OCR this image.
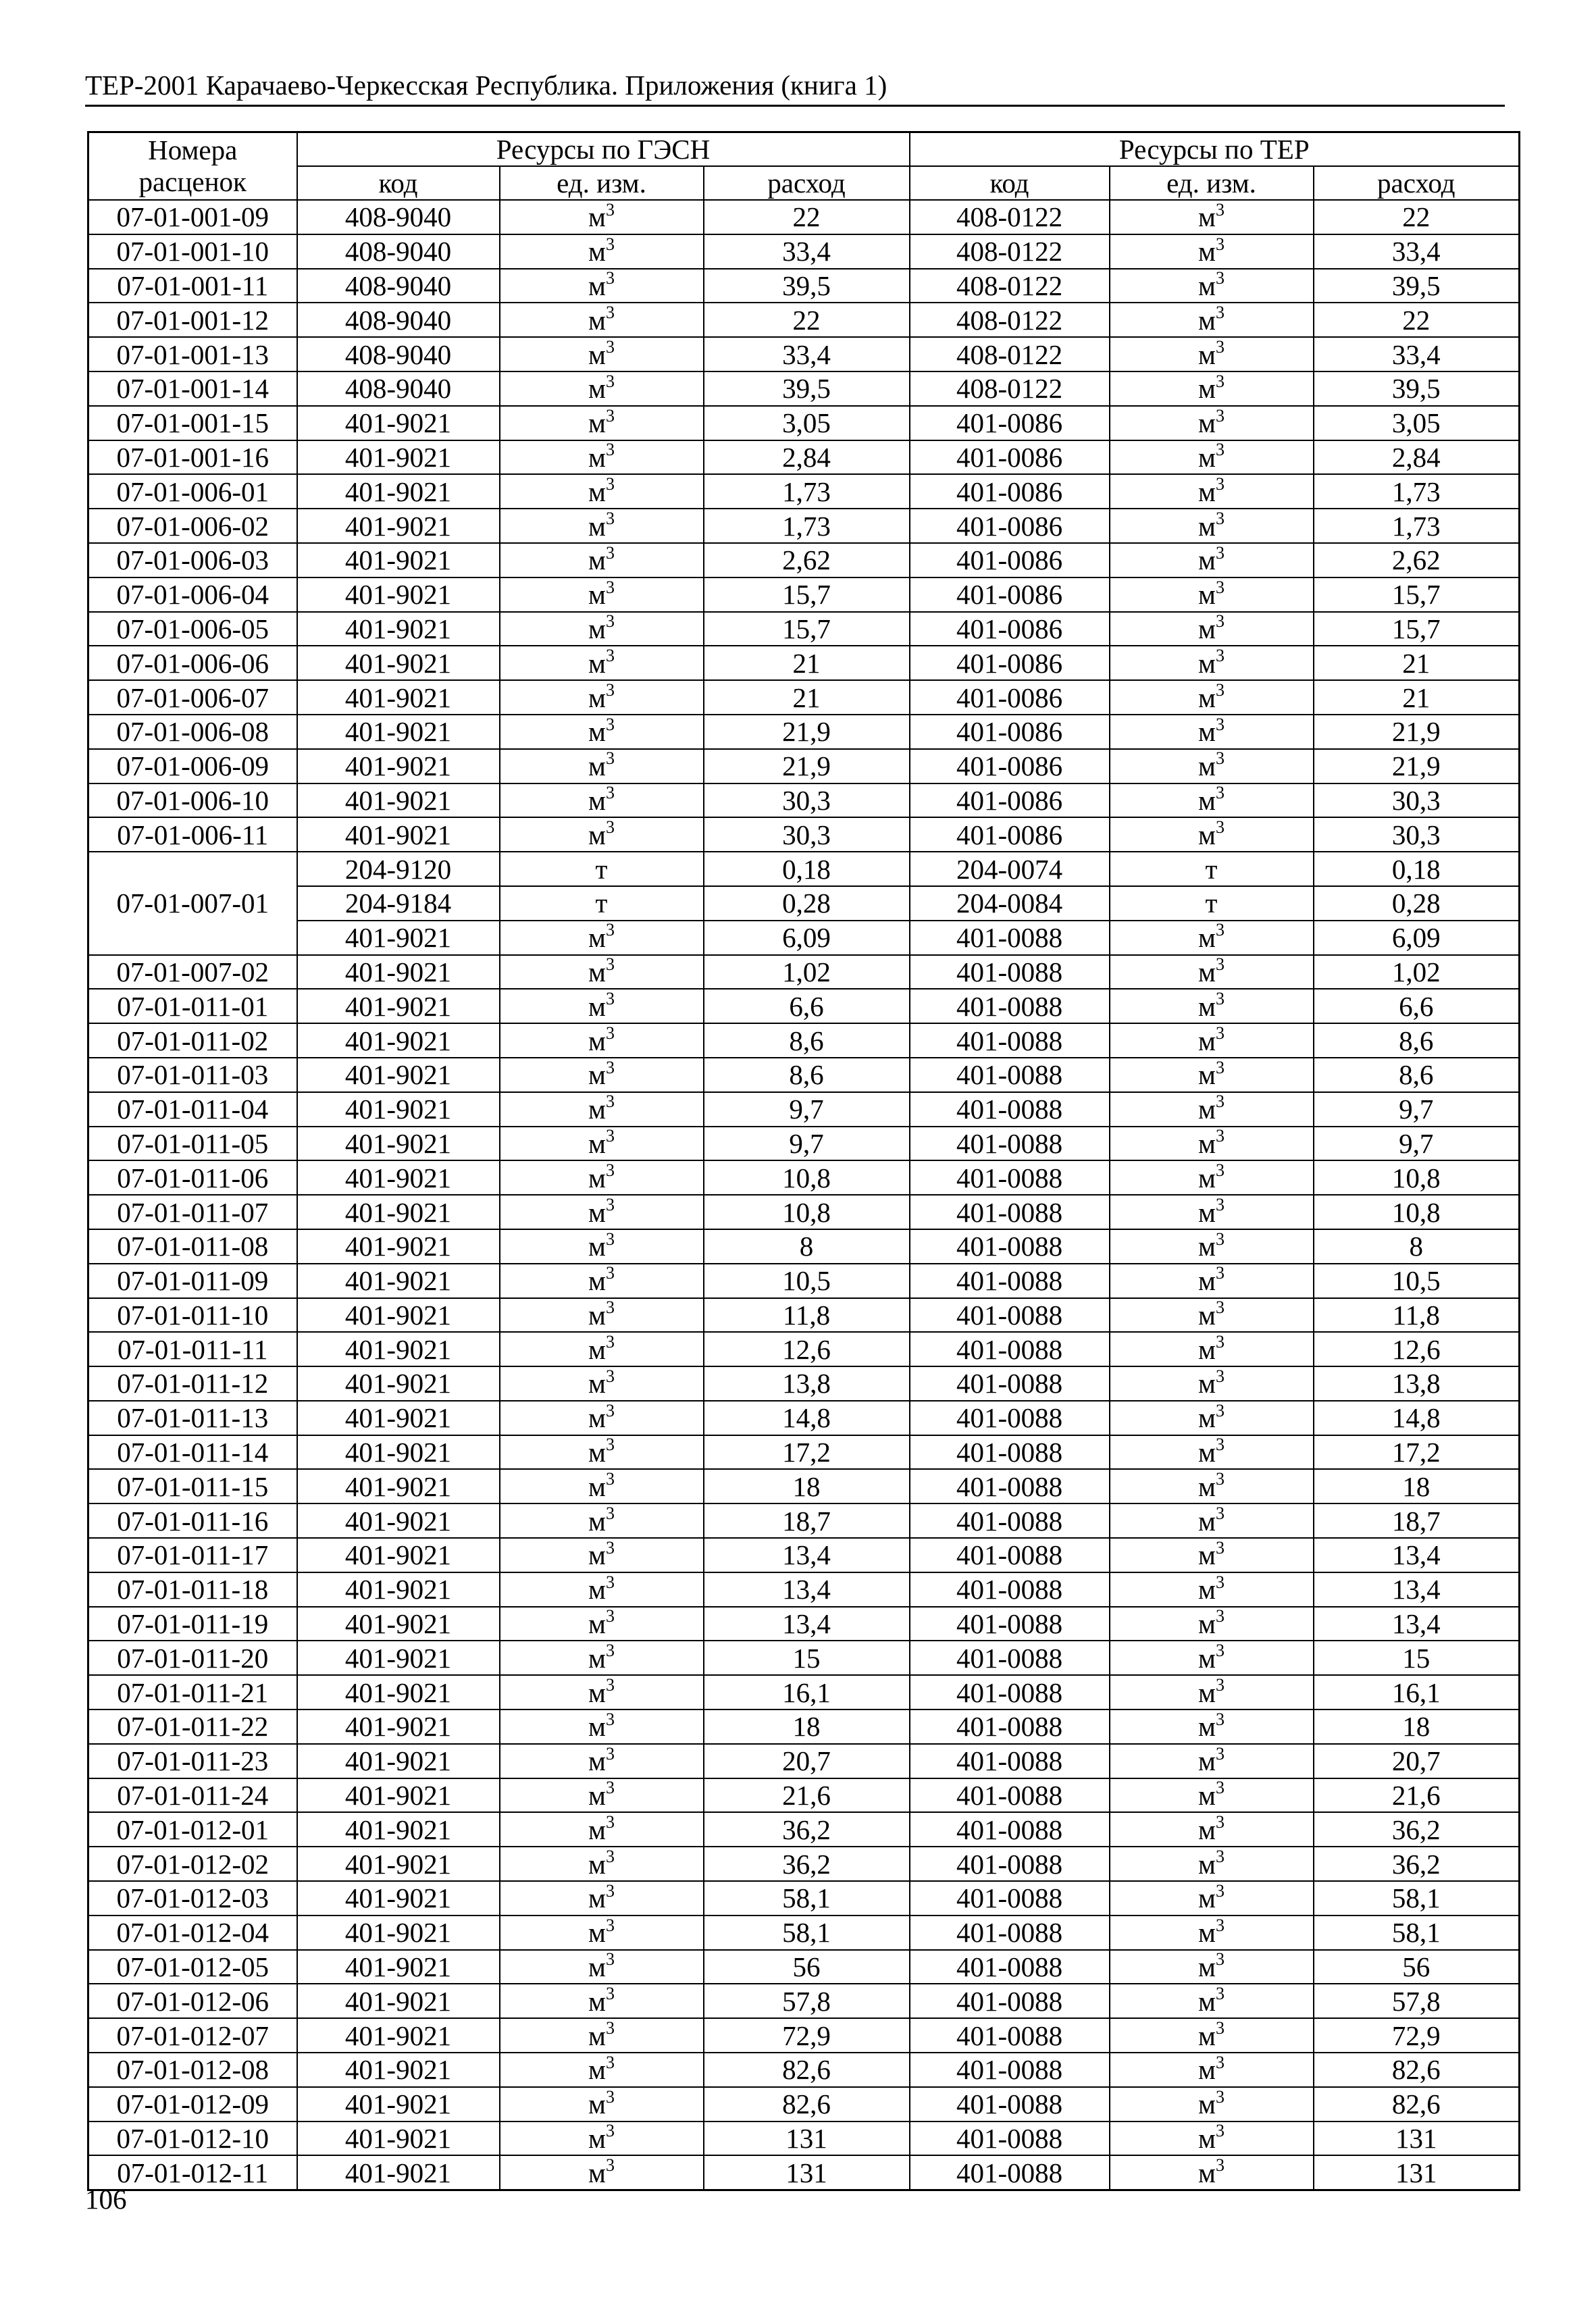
ТЕР-2001 Карачаево-Черкесская Республика. Приложения (книга 1)
Номера
расценок	Ресурсы по ГЭСН			Ресурсы по ТЕР		
	код	ед. изм.	расход	код	ед. изм.	расход
07-01-001-09	408-9040	$м^3$	22	408-0122	$м^3$	22
07-01-001-10	408-9040	$м^3$	33,4	408-0122	$м^3$	33,4
07-01-001-11	408-9040	$м^3$	39,5	408-0122	$м^3$	39,5
07-01-001-12	408-9040	$м^3$	22	408-0122	$м^3$	22
07-01-001-13	408-9040	$м^3$	33,4	408-0122	$м^3$	33,4
07-01-001-14	408-9040	$м^3$	39,5	408-0122	$м^3$	39,5
07-01-001-15	401-9021	$м^3$	3,05	401-0086	$м^3$	3,05
07-01-001-16	401-9021	$м^3$	2,84	401-0086	$м^3$	2,84
07-01-006-01	401-9021	$м^3$	1,73	401-0086	$м^3$	1,73
07-01-006-02	401-9021	$м^3$	1,73	401-0086	$м^3$	1,73
07-01-006-03	401-9021	$м^3$	2,62	401-0086	$м^3$	2,62
07-01-006-04	401-9021	$м^3$	15,7	401-0086	$м^3$	15,7
07-01-006-05	401-9021	$м^3$	15,7	401-0086	$м^3$	15,7
07-01-006-06	401-9021	$м^3$	21	401-0086	$м^3$	21
07-01-006-07	401-9021	$м^3$	21	401-0086	$м^3$	21
07-01-006-08	401-9021	$м^3$	21,9	401-0086	$м^3$	21,9
07-01-006-09	401-9021	$м^3$	21,9	401-0086	$м^3$	21,9
07-01-006-10	401-9021	$м^3$	30,3	401-0086	$м^3$	30,3
07-01-006-11	401-9021	$м^3$	30,3	401-0086	$м^3$	30,3
07-01-007-01	204-9120	т	0,18	204-0074	т	0,18
	204-9184	т	0,28	204-0084	т	0,28
	401-9021	$м^3$	6,09	401-0088	$м^3$	6,09
07-01-007-02	401-9021	$м^3$	1,02	401-0088	$м^3$	1,02
07-01-011-01	401-9021	$м^3$	6,6	401-0088	$м^3$	6,6
07-01-011-02	401-9021	$м^3$	8,6	401-0088	$м^3$	8,6
07-01-011-03	401-9021	$м^3$	8,6	401-0088	$м^3$	8,6
07-01-011-04	401-9021	$м^3$	9,7	401-0088	$м^3$	9,7
07-01-011-05	401-9021	$м^3$	9,7	401-0088	$м^3$	9,7
07-01-011-06	401-9021	$м^3$	10,8	401-0088	$м^3$	10,8
07-01-011-07	401-9021	$м^3$	10,8	401-0088	$м^3$	10,8
07-01-011-08	401-9021	$м^3$	8	401-0088	$м^3$	8
07-01-011-09	401-9021	$м^3$	10,5	401-0088	$м^3$	10,5
07-01-011-10	401-9021	$м^3$	11,8	401-0088	$м^3$	11,8
07-01-011-11	401-9021	$м^3$	12,6	401-0088	$м^3$	12,6
07-01-011-12	401-9021	$м^3$	13,8	401-0088	$м^3$	13,8
07-01-011-13	401-9021	$м^3$	14,8	401-0088	$м^3$	14,8
07-01-011-14	401-9021	$м^3$	17,2	401-0088	$м^3$	17,2
07-01-011-15	401-9021	$м^3$	18	401-0088	$м^3$	18
07-01-011-16	401-9021	$м^3$	18,7	401-0088	$м^3$	18,7
07-01-011-17	401-9021	$м^3$	13,4	401-0088	$м^3$	13,4
07-01-011-18	401-9021	$м^3$	13,4	401-0088	$м^3$	13,4
07-01-011-19	401-9021	$м^3$	13,4	401-0088	$м^3$	13,4
07-01-011-20	401-9021	$м^3$	15	401-0088	$м^3$	15
07-01-011-21	401-9021	$м^3$	16,1	401-0088	$м^3$	16,1
07-01-011-22	401-9021	$м^3$	18	401-0088	$м^3$	18
07-01-011-23	401-9021	$м^3$	20,7	401-0088	$м^3$	20,7
07-01-011-24	401-9021	$м^3$	21,6	401-0088	$м^3$	21,6
07-01-012-01	401-9021	$м^3$	36,2	401-0088	$м^3$	36,2
07-01-012-02	401-9021	$м^3$	36,2	401-0088	$м^3$	36,2
07-01-012-03	401-9021	$м^3$	58,1	401-0088	$м^3$	58,1
07-01-012-04	401-9021	$м^3$	58,1	401-0088	$м^3$	58,1
07-01-012-05	401-9021	$м^3$	56	401-0088	$м^3$	56
07-01-012-06	401-9021	$м^3$	57,8	401-0088	$м^3$	57,8
07-01-012-07	401-9021	$м^3$	72,9	401-0088	$м^3$	72,9
07-01-012-08	401-9021	$м^3$	82,6	401-0088	$м^3$	82,6
07-01-012-09	401-9021	$м^3$	82,6	401-0088	$м^3$	82,6
07-01-012-10	401-9021	$м^3$	131	401-0088	$м^3$	131
07-01-012-11	401-9021	$м^3$	131	401-0088	$м^3$	131
106
